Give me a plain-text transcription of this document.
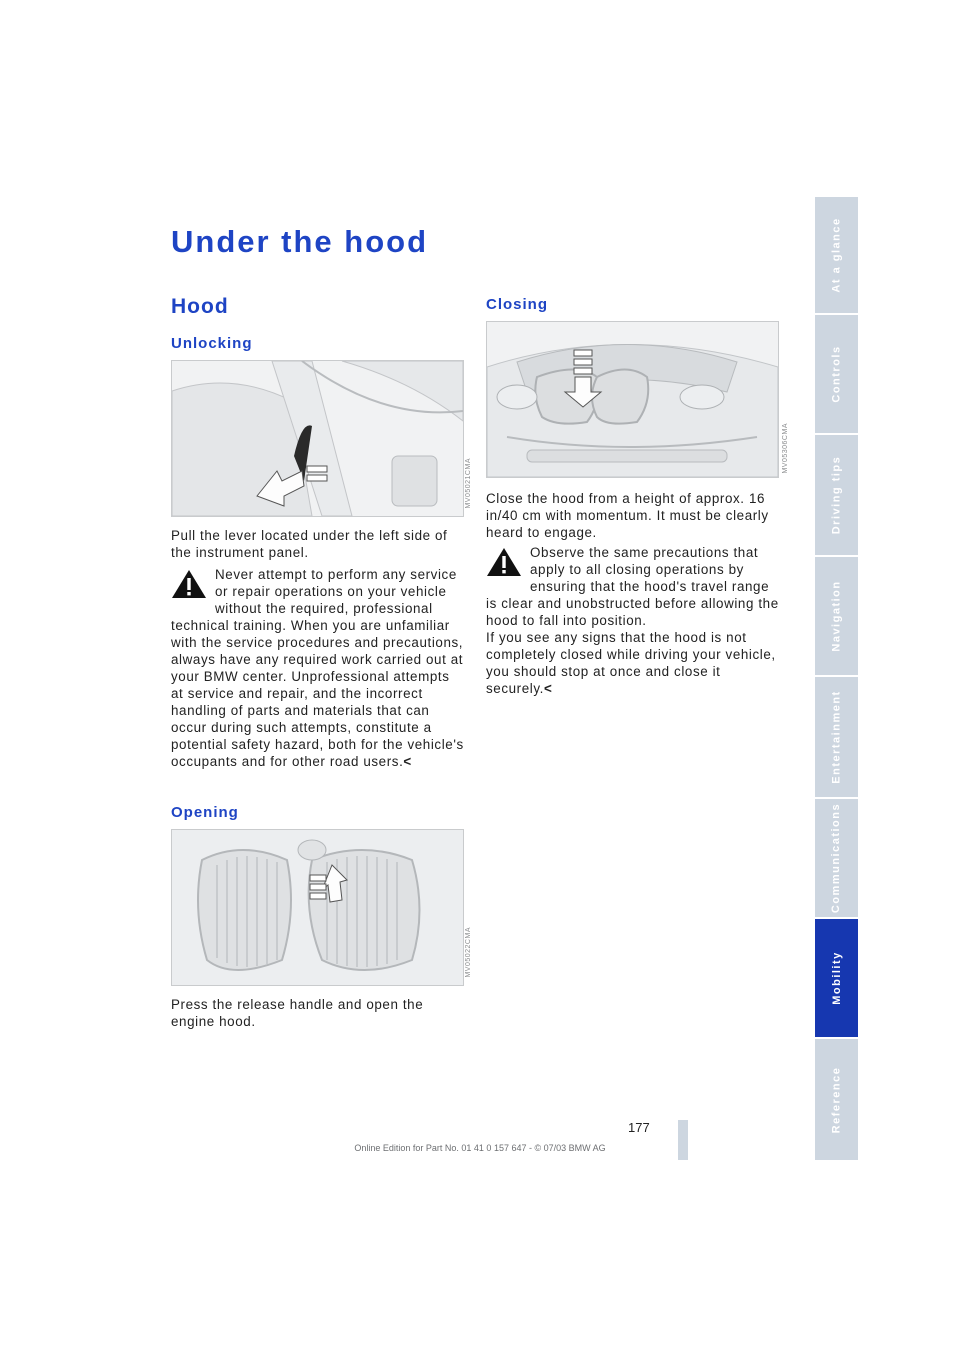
Under the hood
Hood
Unlocking
MV05021CMA

Pull the lever located under the left side of the instrument panel.

Never attempt to perform any service or repair operations on your vehicle without the required, professional technical training. When you are unfamiliar with the service procedures and precautions, always have any required work carried out at your BMW center. Unprofessional attempts at service and repair, and the incorrect handling of parts and materials that can occur during such attempts, constitute a potential safety hazard, both for the vehicle's occupants and for other road users.<
Opening
MV05022CMA

Press the release handle and open the engine hood.

Closing
MV05306CMA

Close the hood from a height of approx. 16 in/40 cm with momentum. It must be clearly heard to engage.

Observe the same precautions that apply to all closing operations by ensuring that the hood's travel range is clear and unobstructed before allowing the hood to fall into position.
If you see any signs that the hood is not completely closed while driving your vehicle, you should stop at once and close it securely.<
At a glance
Controls
Driving tips
Navigation
Entertainment
Communications
Mobility
Reference
177
Online Edition for Part No. 01 41 0 157 647 - © 07/03 BMW AG
